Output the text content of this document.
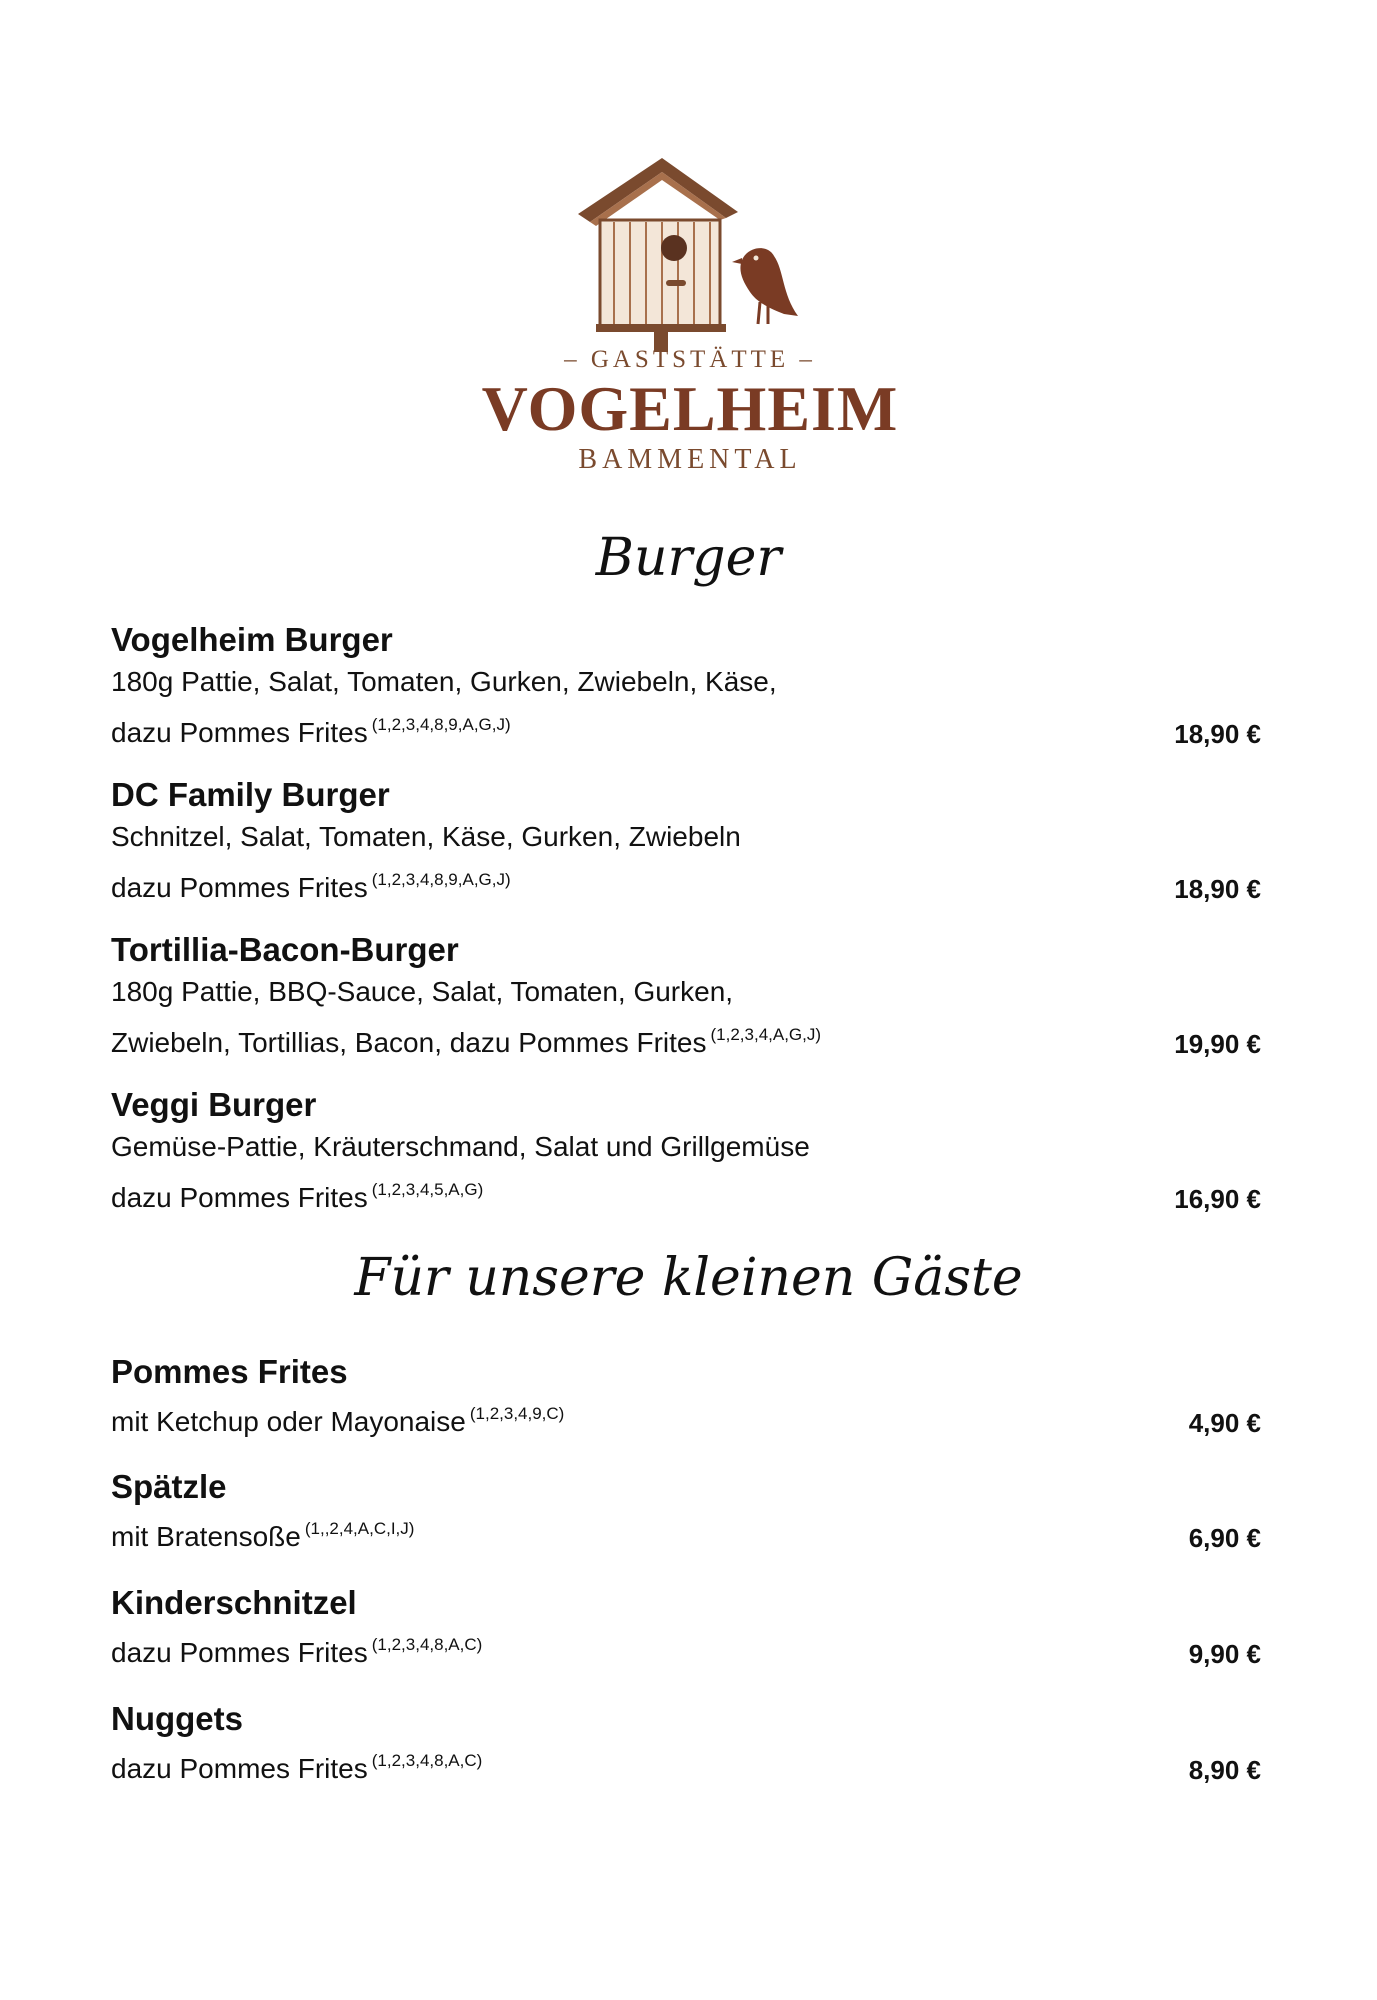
– GASTSTÄTTE –
VOGELHEIM
BAMMENTAL
Burger
Vogelheim Burger
180g Pattie, Salat, Tomaten, Gurken, Zwiebeln, Käse,
dazu Pommes Frites $^{(1,2,3,4,8,9,A,G,J)}$	18,90 €
DC Family Burger
Schnitzel, Salat, Tomaten, Käse, Gurken, Zwiebeln
dazu Pommes Frites $^{(1,2,3,4,8,9,A,G,J)}$	18,90 €
Tortillia-Bacon-Burger
180g Pattie, BBQ-Sauce, Salat, Tomaten, Gurken,
Zwiebeln, Tortillias, Bacon, dazu Pommes Frites $^{(1,2,3,4,A,G,J)}$	19,90 €
Veggi Burger
Gemüse-Pattie, Kräuterschmand, Salat und Grillgemüse
dazu Pommes Frites $^{(1,2,3,4,5,A,G)}$	16,90 €
Für unsere kleinen Gäste
Pommes Frites
mit Ketchup oder Mayonaise $^{(1,2,3,4,9,C)}$	4,90 €
Spätzle
mit Bratensoße $^{(1,,2,4,A,C,I,J)}$	6,90 €
Kinderschnitzel
dazu Pommes Frites $^{(1,2,3,4,8,A,C)}$	9,90 €
Nuggets
dazu Pommes Frites $^{(1,2,3,4,8,A,C)}$	8,90 €
